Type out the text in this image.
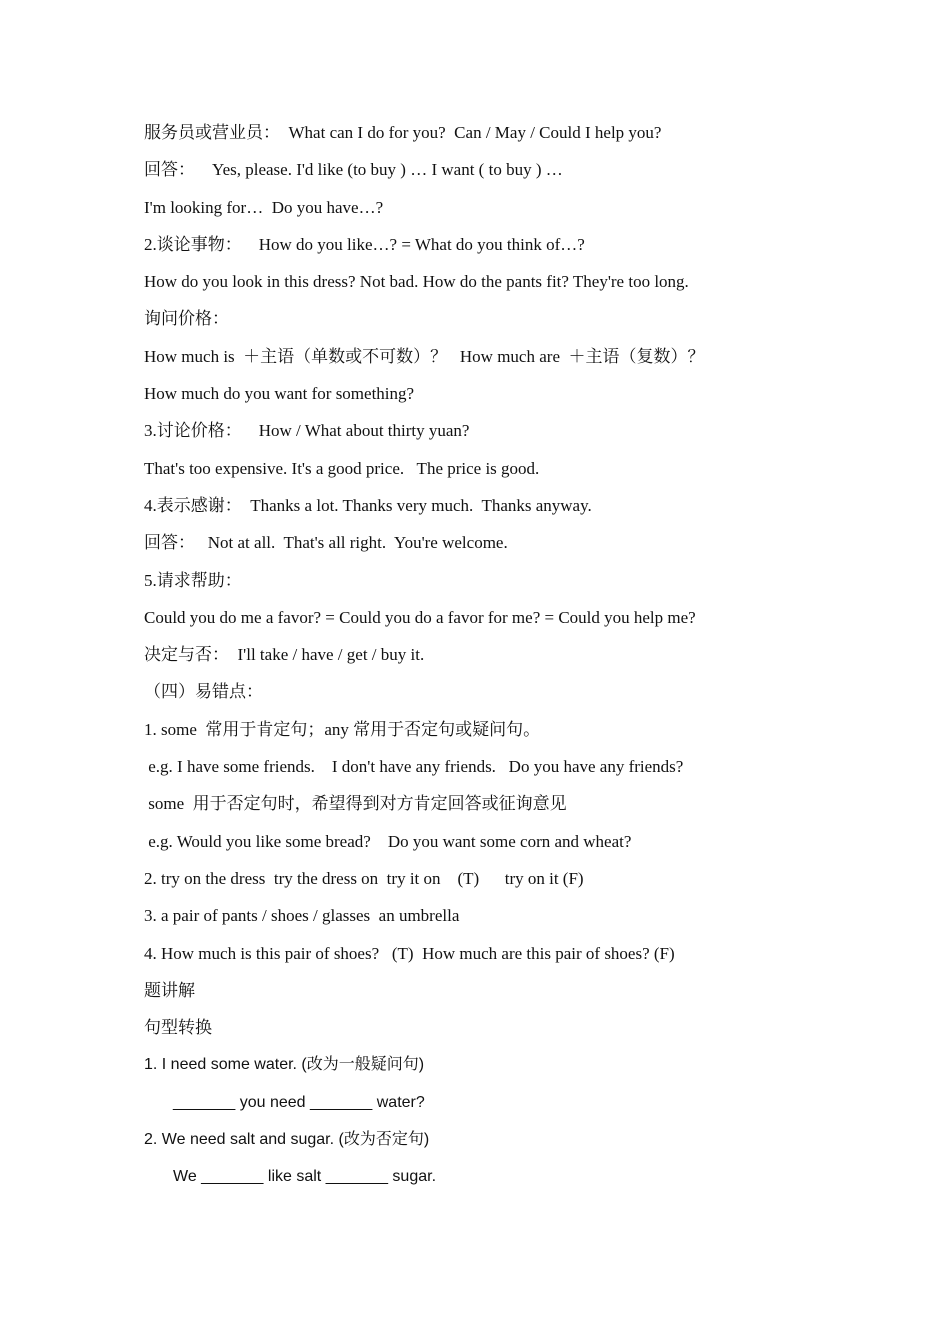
服务员或营业员：  What can I do for you?  Can / May / Could I help you?
回答：    Yes, please. I'd like (to buy ) … I want ( to buy ) …
I'm looking for…  Do you have…?
2.谈论事物：    How do you like…? = What do you think of…?
How do you look in this dress? Not bad. How do the pants fit? They're too long.
询问价格：
How much is  ＋主语（单数或不可数）？   How much are  ＋主语（复数）？
How much do you want for something?
3.讨论价格：    How / What about thirty yuan?
That's too expensive. It's a good price.   The price is good.
4.表示感谢：  Thanks a lot. Thanks very much.  Thanks anyway.
回答：   Not at all.  That's all right.  You're welcome.
5.请求帮助：
Could you do me a favor? = Could you do a favor for me? = Could you help me?
决定与否：  I'll take / have / get / buy it.
（四）易错点：
1. some  常用于肯定句；any 常用于否定句或疑问句。
e.g. I have some friends.    I don't have any friends.   Do you have any friends?
some  用于否定句时，希望得到对方肯定回答或征询意见
e.g. Would you like some bread?    Do you want some corn and wheat?
2. try on the dress  try the dress on  try it on    (T)      try on it (F)
3. a pair of pants / shoes / glasses  an umbrella
4. How much is this pair of shoes?   (T)  How much are this pair of shoes? (F)
题讲解
句型转换
1. I need some water. (改为一般疑问句)
_______ you need _______ water?
2. We need salt and sugar. (改为否定句)
We _______ like salt _______ sugar.
